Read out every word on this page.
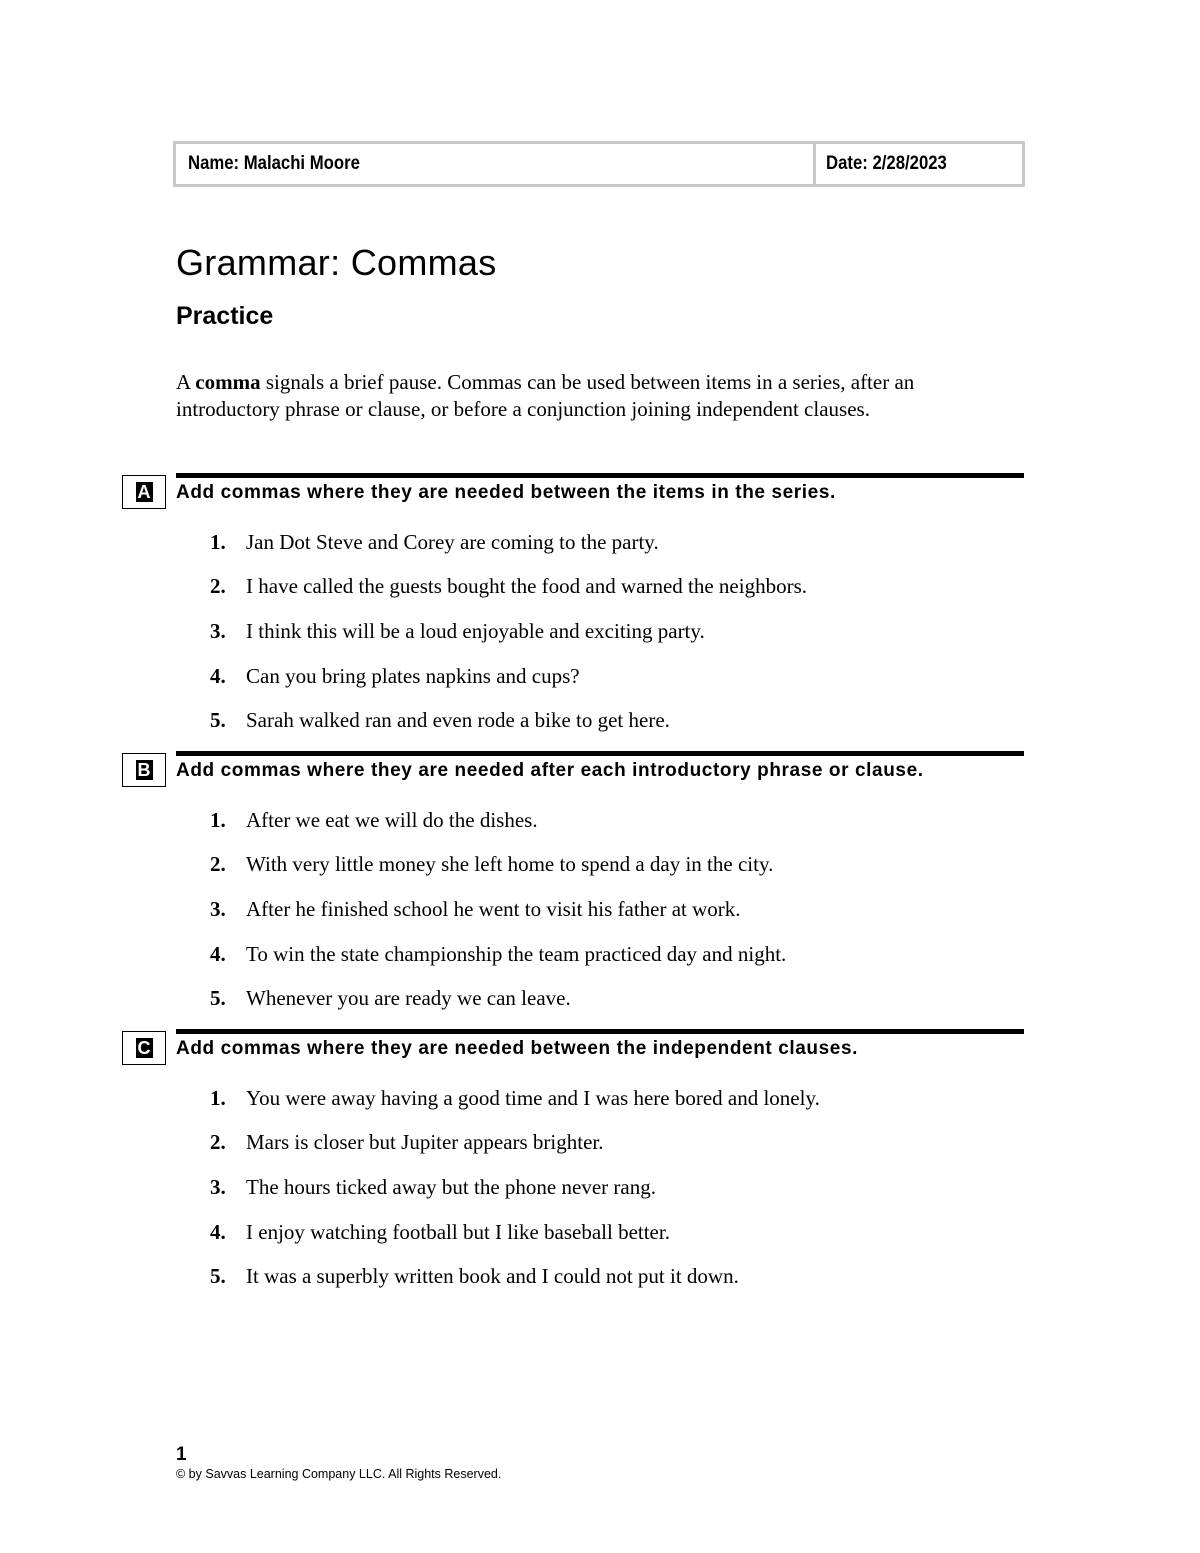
Name: Malachi Moore	Date: 2/28/2023
Grammar: Commas
Practice

A comma signals a brief pause. Commas can be used between items in a series, after an introductory phrase or clause, or before a conjunction joining independent clauses.

A Add commas where they are needed between the items in the series.

1. Jan Dot Steve and Corey are coming to the party.
2. I have called the guests bought the food and warned the neighbors.
3. I think this will be a loud enjoyable and exciting party.
4. Can you bring plates napkins and cups?
5. Sarah walked ran and even rode a bike to get here.
B Add commas where they are needed after each introductory phrase or clause.

1. After we eat we will do the dishes.
2. With very little money she left home to spend a day in the city.
3. After he finished school he went to visit his father at work.
4. To win the state championship the team practiced day and night.
5. Whenever you are ready we can leave.
C Add commas where they are needed between the independent clauses.

1. You were away having a good time and I was here bored and lonely.
2. Mars is closer but Jupiter appears brighter.
3. The hours ticked away but the phone never rang.
4. I enjoy watching football but I like baseball better.
5. It was a superbly written book and I could not put it down.
1
© by Savvas Learning Company LLC. All Rights Reserved.
